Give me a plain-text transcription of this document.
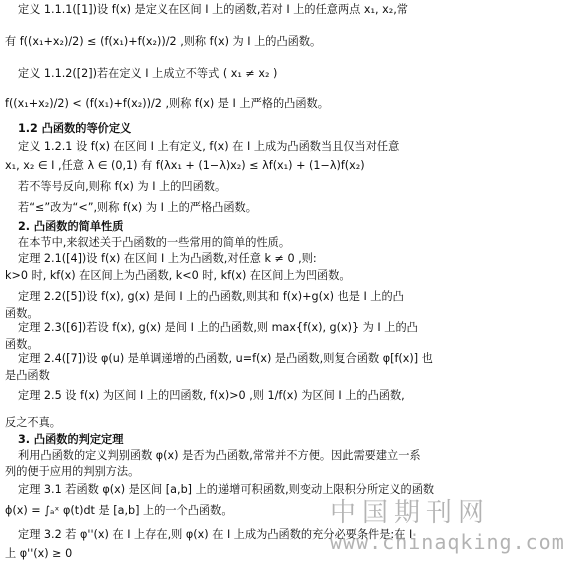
定义 1.1.1([1])设 f(x) 是定义在区间 I 上的函数,若对 I 上的任意两点 x₁, x₂,常

有 f((x₁+x₂)/2) ≤ (f(x₁)+f(x₂))/2 ,则称 f(x) 为 I 上的凸函数。

定义 1.1.2([2])若在定义 I 上成立不等式 ( x₁ ≠ x₂ )

f((x₁+x₂)/2) < (f(x₁)+f(x₂))/2 ,则称 f(x) 是 I 上严格的凸函数。

1.2 凸函数的等价定义

定义 1.2.1 设 f(x) 在区间 I 上有定义, f(x) 在 I 上成为凸函数当且仅当对任意

x₁, x₂ ∈ I ,任意 λ ∈ (0,1) 有 f(λx₁ + (1−λ)x₂) ≤ λf(x₁) + (1−λ)f(x₂)

若不等号反向,则称 f(x) 为 I 上的凹函数。

若“≤”改为“<”,则称 f(x) 为 I 上的严格凸函数。

2. 凸函数的简单性质

在本节中,来叙述关于凸函数的一些常用的简单的性质。

定理 2.1([4])设 f(x) 在区间 I 上为凸函数,对任意 k ≠ 0 ,则:

k>0 时, kf(x) 在区间上为凸函数, k<0 时, kf(x) 在区间上为凹函数。

定理 2.2([5])设 f(x), g(x) 是间 I 上的凸函数,则其和 f(x)+g(x) 也是 I 上的凸

函数。

定理 2.3([6])若设 f(x), g(x) 是间 I 上的凸函数,则 max{f(x), g(x)} 为 I 上的凸

函数。

定理 2.4([7])设 φ(u) 是单调递增的凸函数, u=f(x) 是凸函数,则复合函数 φ[f(x)] 也

是凸函数

定理 2.5 设 f(x) 为区间 I 上的凹函数, f(x)>0 ,则 1/f(x) 为区间 I 上的凸函数,

反之不真。

3. 凸函数的判定定理

利用凸函数的定义判别函数 φ(x) 是否为凸函数,常常并不方便。因此需要建立一系

列的便于应用的判别方法。

定理 3.1 若函数 φ(x) 是区间 [a,b] 上的递增可积函数,则变动上限积分所定义的函数

ϕ(x) = ∫ₐˣ φ(t)dt 是 [a,b] 上的一个凸函数。

定理 3.2 若 φ''(x) 在 I 上存在,则 φ(x) 在 I 上成为凸函数的充分必要条件是:在 I

上 φ''(x) ≥ 0

中国期刊网
www.chinaqking.com
